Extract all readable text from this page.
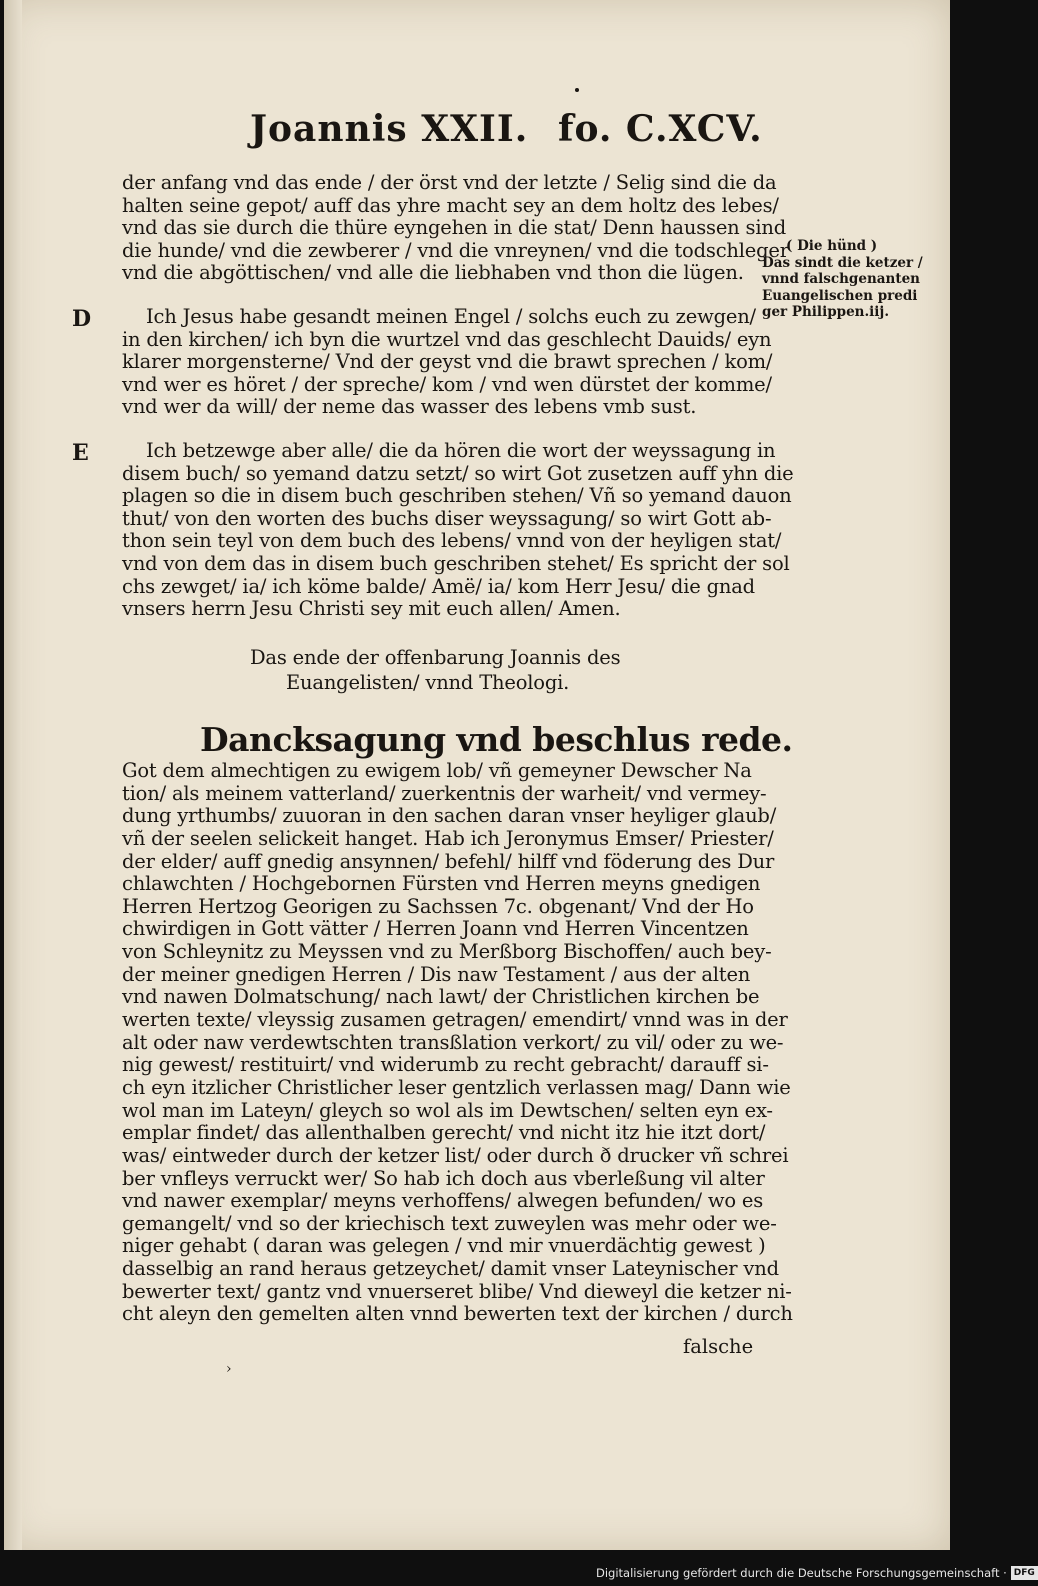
Joannis XXII. fo. C.XCV.
der anfang vnd das ende / der örst vnd der letzte / Selig sind die da
halten seine gepot/ auff das yhre macht sey an dem holtz des lebes/
vnd das sie durch die thüre eyngehen in die stat/ Denn haussen sind
die hunde/ vnd die zewberer / vnd die vnreynen/ vnd die todschleger
vnd die abgöttischen/ vnd alle die liebhaben vnd thon die lügen.
( Die hünd )
Das sindt die ketzer /
vnnd falschgenanten
Euangelischen predi
ger Philippen.iij.
D	Ich Jesus habe gesandt meinen Engel / solchs euch zu zewgen/
in den kirchen/ ich byn die wurtzel vnd das geschlecht Dauids/ eyn
klarer morgensterne/ Vnd der geyst vnd die brawt sprechen / kom/
vnd wer es höret / der spreche/ kom / vnd wen dürstet der komme/
vnd wer da will/ der neme das wasser des lebens vmb sust.
E	Ich betzewge aber alle/ die da hören die wort der weyssagung in
disem buch/ so yemand datzu setzt/ so wirt Got zusetzen auff yhn die
plagen so die in disem buch geschriben stehen/ Vñ so yemand dauon
thut/ von den worten des buchs diser weyssagung/ so wirt Gott ab-
thon sein teyl von dem buch des lebens/ vnnd von der heyligen stat/
vnd von dem das in disem buch geschriben stehet/ Es spricht der sol
chs zewget/ ia/ ich köme balde/ Amë/ ia/ kom Herr Jesu/ die gnad
vnsers herrn Jesu Christi sey mit euch allen/ Amen.
Das ende der offenbarung Joannis des
Euangelisten/ vnnd Theologi.
Dancksagung vnd beschlus rede.
Got dem almechtigen zu ewigem lob/ vñ gemeyner Dewscher Na
tion/ als meinem vatterland/ zuerkentnis der warheit/ vnd vermey-
dung yrthumbs/ zuuoran in den sachen daran vnser heyliger glaub/
vñ der seelen selickeit hanget. Hab ich Jeronymus Emser/ Priester/
der elder/ auff gnedig ansynnen/ befehl/ hilff vnd föderung des Dur
chlawchten / Hochgebornen Fürsten vnd Herren meyns gnedigen
Herren Hertzog Georigen zu Sachssen 7c. obgenant/ Vnd der Ho
chwirdigen in Gott vätter / Herren Joann vnd Herren Vincentzen
von Schleynitz zu Meyssen vnd zu Merßborg Bischoffen/ auch bey-
der meiner gnedigen Herren / Dis naw Testament / aus der alten
vnd nawen Dolmatschung/ nach lawt/ der Christlichen kirchen be
werten texte/ vleyssig zusamen getragen/ emendirt/ vnnd was in der
alt oder naw verdewtschten transßlation verkort/ zu vil/ oder zu we-
nig gewest/ restituirt/ vnd widerumb zu recht gebracht/ darauff si-
ch eyn itzlicher Christlicher leser gentzlich verlassen mag/ Dann wie
wol man im Lateyn/ gleych so wol als im Dewtschen/ selten eyn ex-
emplar findet/ das allenthalben gerecht/ vnd nicht itz hie itzt dort/
was/ eintweder durch der ketzer list/ oder durch ð drucker vñ schrei
ber vnfleys verruckt wer/ So hab ich doch aus vberleßung vil alter
vnd nawer exemplar/ meyns verhoffens/ alwegen befunden/ wo es
gemangelt/ vnd so der kriechisch text zuweylen was mehr oder we-
niger gehabt ( daran was gelegen / vnd mir vnuerdächtig gewest )
dasselbig an rand heraus getzeychet/ damit vnser Lateynischer vnd
bewerter text/ gantz vnd vnuerseret blibe/ Vnd dieweyl die ketzer ni-
cht aleyn den gemelten alten vnnd bewerten text der kirchen / durch
falsche
›
Digitalisierung gefördert durch die Deutsche Forschungsgemeinschaft · DFG
